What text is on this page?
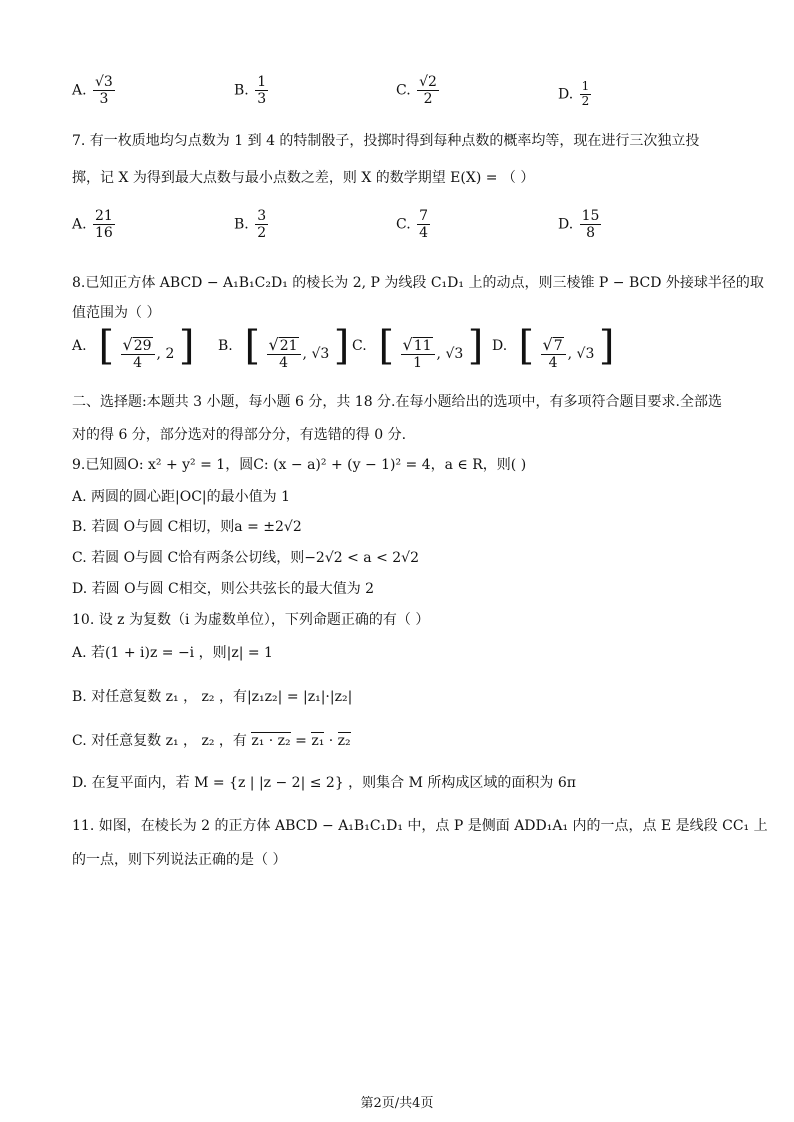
A. $\frac{√3}{3}$	B. $\frac{1}{3}$	C. $\frac{√2}{2}$	D. $\frac{1}{2}$
7. 有一枚质地均匀点数为 1 到 4 的特制骰子，投掷时得到每种点数的概率均等，现在进行三次独立投
掷，记 X 为得到最大点数与最小点数之差，则 X 的数学期望 E(X) = （ ）
A. $\frac{21}{16}$	B. $\frac{3}{2}$	C. $\frac{7}{4}$	D. $\frac{15}{8}$
8.已知正方体 ABCD − A₁B₁C₂D₁ 的棱长为 2, P 为线段 C₁D₁ 上的动点，则三棱锥 P − BCD 外接球半径的取
值范围为（ ）
A. [ $\frac{√ 29}{4}$ , 2 ] B. [ $\frac{√ 21}{4}$ , √3 ] C. [ $\frac{√ 11}{1}$ , √3 ] D. [ $\frac{√ 7}{4}$ , √3 ]
二、选择题:本题共 3 小题，每小题 6 分，共 18 分.在每小题给出的选项中，有多项符合题目要求.全部选
对的得 6 分，部分选对的得部分分，有选错的得 0 分.
9.已知圆O: x² + y² = 1，圆C: (x − a)² + (y − 1)² = 4，a ∈ R，则( )
A. 两圆的圆心距|OC|的最小值为 1
B. 若圆 O与圆 C相切，则a = ±2√2
C. 若圆 O与圆 C恰有两条公切线，则−2√2 < a < 2√2
D. 若圆 O与圆 C相交，则公共弦长的最大值为 2
10. 设 z 为复数（i 为虚数单位），下列命题正确的有（ ）
A. 若(1 + i)z = −i ，则|z| = 1
B. 对任意复数 z₁ ， z₂ ，有|z₁z₂| = |z₁|·|z₂|
C. 对任意复数 z₁ ， z₂ ，有 z₁ · z₂ = z₁ · z₂
D. 在复平面内，若 M = {z | |z − 2| ≤ 2} ，则集合 M 所构成区域的面积为 6π
11. 如图，在棱长为 2 的正方体 ABCD − A₁B₁C₁D₁ 中，点 P 是侧面 ADD₁A₁ 内的一点，点 E 是线段 CC₁ 上
的一点，则下列说法正确的是（ ）
第2页/共4页
